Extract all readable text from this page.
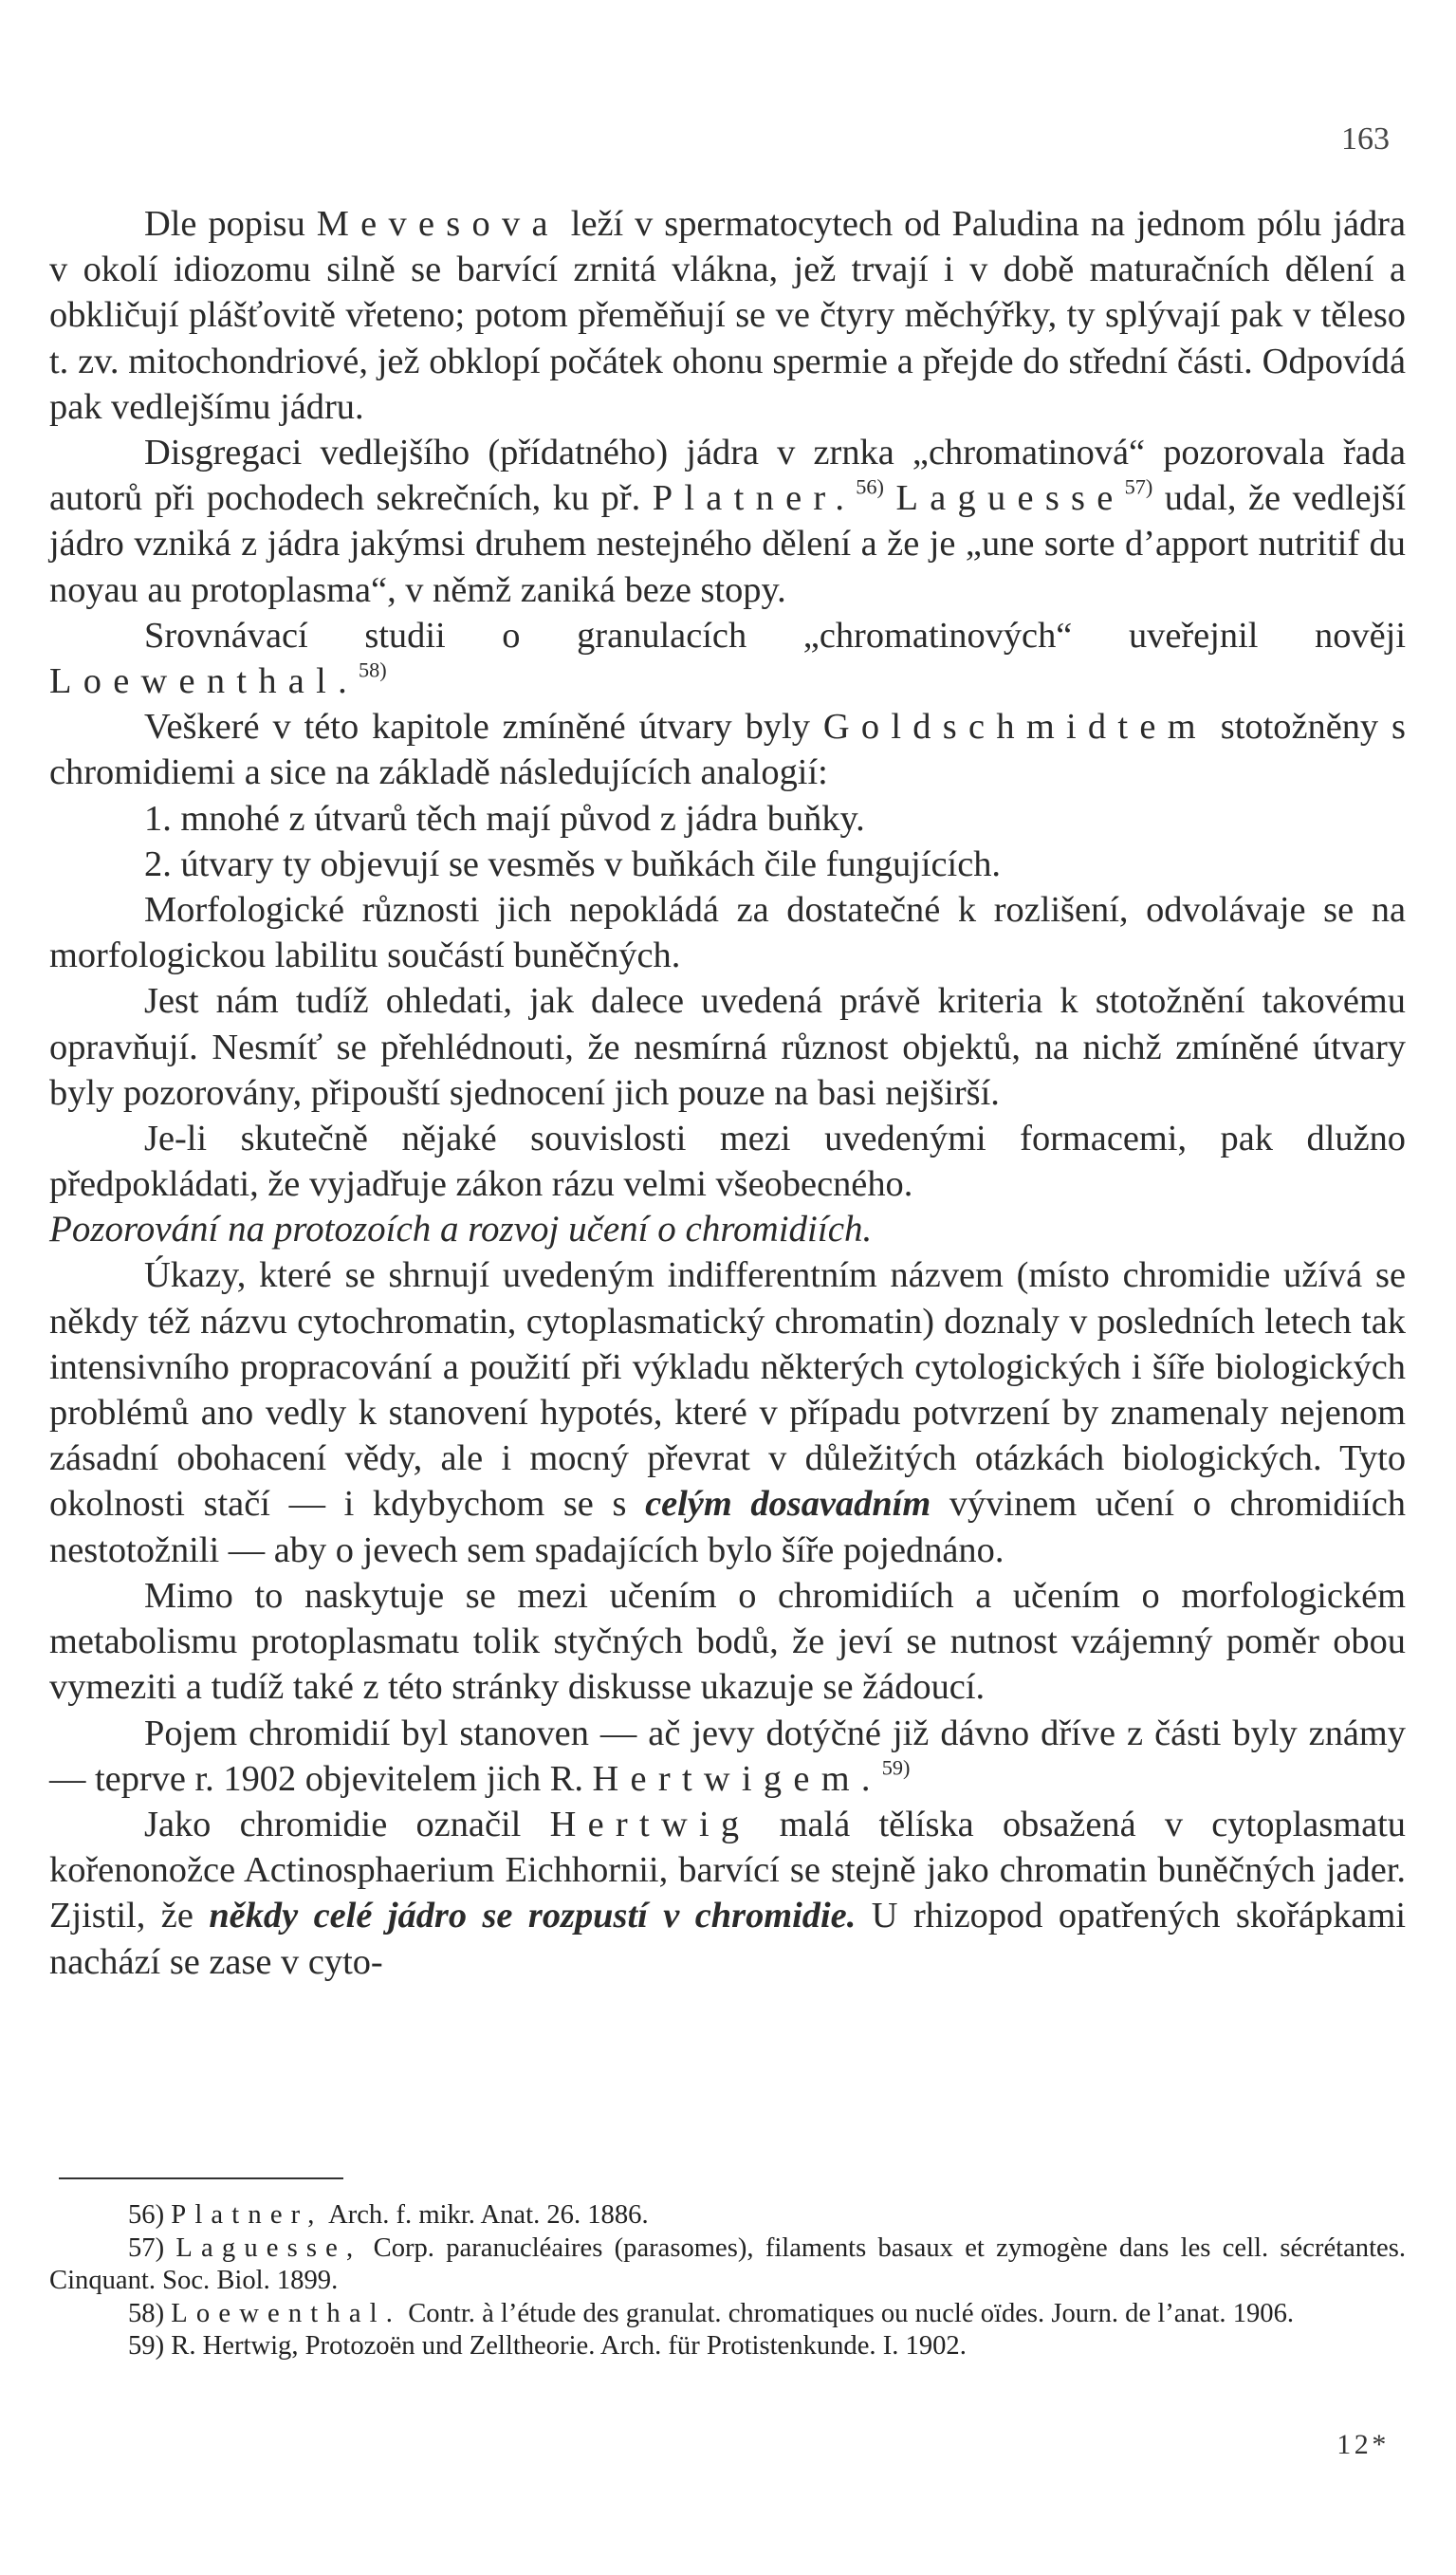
163

Dle popisu Mevesova leží v spermatocytech od Paludina na jednom pólu jádra v okolí idiozomu silně se barvící zrnitá vlákna, jež trvají i v době maturačních dělení a obkličují plášťovitě vřeteno; potom přeměňují se ve čtyry měchýřky, ty splývají pak v těleso t. zv. mitochondriové, jež obklopí počátek ohonu spermie a přejde do střední části. Odpovídá pak vedlejšímu jádru.

Disgregaci vedlejšího (přídatného) jádra v zrnka „chromatinová“ pozorovala řada autorů při pochodech sekrečních, ku př. Platner.$^{56)}$ Laguesse$^{57)}$ udal, že vedlejší jádro vzniká z jádra jakýmsi druhem nestejného dělení a že je „une sorte d’apport nutritif du noyau au protoplasma“, v němž zaniká beze stopy.

Srovnávací studii o granulacích „chromatinových“ uveřejnil nověji Loewenthal.$^{58)}$

Veškeré v této kapitole zmíněné útvary byly Goldschmidtem stotožněny s chromidiemi a sice na základě následujících analogií:

1. mnohé z útvarů těch mají původ z jádra buňky.

2. útvary ty objevují se vesměs v buňkách čile fungujících.

Morfologické různosti jich nepokládá za dostatečné k rozlišení, odvolávaje se na morfologickou labilitu součástí buněčných.

Jest nám tudíž ohledati, jak dalece uvedená právě kriteria k stotožnění takovému opravňují. Nesmíť se přehlédnouti, že nesmírná různost objektů, na nichž zmíněné útvary byly pozorovány, připouští sjednocení jich pouze na basi nejširší.

Je-li skutečně nějaké souvislosti mezi uvedenými formacemi, pak dlužno předpokládati, že vyjadřuje zákon rázu velmi všeobecného.

Pozorování na protozoích a rozvoj učení o chromidiích.

Úkazy, které se shrnují uvedeným indifferentním názvem (místo chromidie užívá se někdy též názvu cytochromatin, cytoplasmatický chromatin) doznaly v posledních letech tak intensivního propracování a použití při výkladu některých cytologických i šíře biologických problémů ano vedly k stanovení hypotés, které v případu potvrzení by znamenaly nejenom zásadní obohacení vědy, ale i mocný převrat v důležitých otázkách biologických. Tyto okolnosti stačí — i kdybychom se s celým dosavadním vývinem učení o chromidiích nestotožnili — aby o jevech sem spadajících bylo šíře pojednáno.

Mimo to naskytuje se mezi učením o chromidiích a učením o morfologickém metabolismu protoplasmatu tolik styčných bodů, že jeví se nutnost vzájemný poměr obou vymeziti a tudíž také z této stránky diskusse ukazuje se žádoucí.

Pojem chromidií byl stanoven — ač jevy dotýčné již dávno dříve z části byly známy — teprve r. 1902 objevitelem jich R. Hertwigem.$^{59)}$

Jako chromidie označil Hertwig malá tělíska obsažená v cytoplasmatu kořenonožce Actinosphaerium Eichhornii, barvící se stejně jako chromatin buněčných jader. Zjistil, že někdy celé jádro se rozpustí v chromidie. U rhizopod opatřených skořápkami nachází se zase v cyto-

56) Platner, Arch. f. mikr. Anat. 26. 1886.

57) Laguesse, Corp. paranucléaires (parasomes), filaments basaux et zymogène dans les cell. sécrétantes. Cinquant. Soc. Biol. 1899.

58) Loewenthal. Contr. à l’étude des granulat. chromatiques ou nuclé oïdes. Journ. de l’anat. 1906.

59) R. Hertwig, Protozoën und Zelltheorie. Arch. für Protistenkunde. I. 1902.

12*
